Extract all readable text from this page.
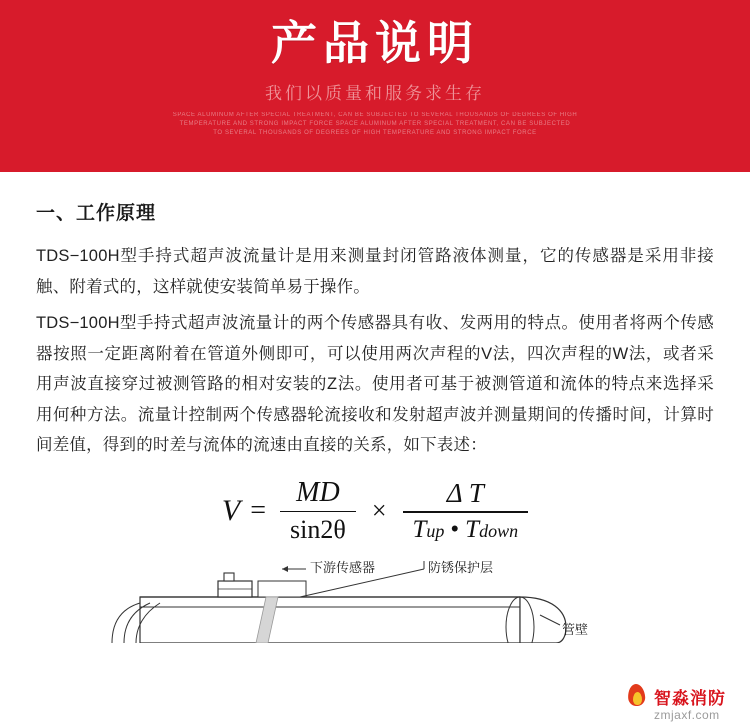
产品说明
我们以质量和服务求生存
SPACE ALUMINUM AFTER SPECIAL TREATMENT, CAN BE SUBJECTED TO SEVERAL THOUSANDS OF DEGREES OF HIGH
TEMPERATURE AND STRONG IMPACT FORCE SPACE ALUMINUM AFTER SPECIAL TREATMENT, CAN BE SUBJECTED
TO SEVERAL THOUSANDS OF DEGREES OF HIGH TEMPERATURE AND STRONG IMPACT FORCE
一、工作原理

TDS−100H型手持式超声波流量计是用来测量封闭管路液体测量，它的传感器是采用非接触、附着式的，这样就使安装简单易于操作。

TDS−100H型手持式超声波流量计的两个传感器具有收、发两用的特点。使用者将两个传感器按照一定距离附着在管道外侧即可，可以使用两次声程的V法，四次声程的W法，或者采用声波直接穿过被测管路的相对安装的Z法。使用者可基于被测管道和流体的特点来选择采用何种方法。流量计控制两个传感器轮流接收和发射超声波并测量期间的传播时间，计算时间差值，得到的时差与流体的流速由直接的关系，如下表述：

$V = \frac{MD}{\sin 2\theta} \times \frac{\text{Δ T}}{\text{Tup • Tdown}}$
下游传感器	防锈保护层
管壁
智淼消防
zmjaxf.com
